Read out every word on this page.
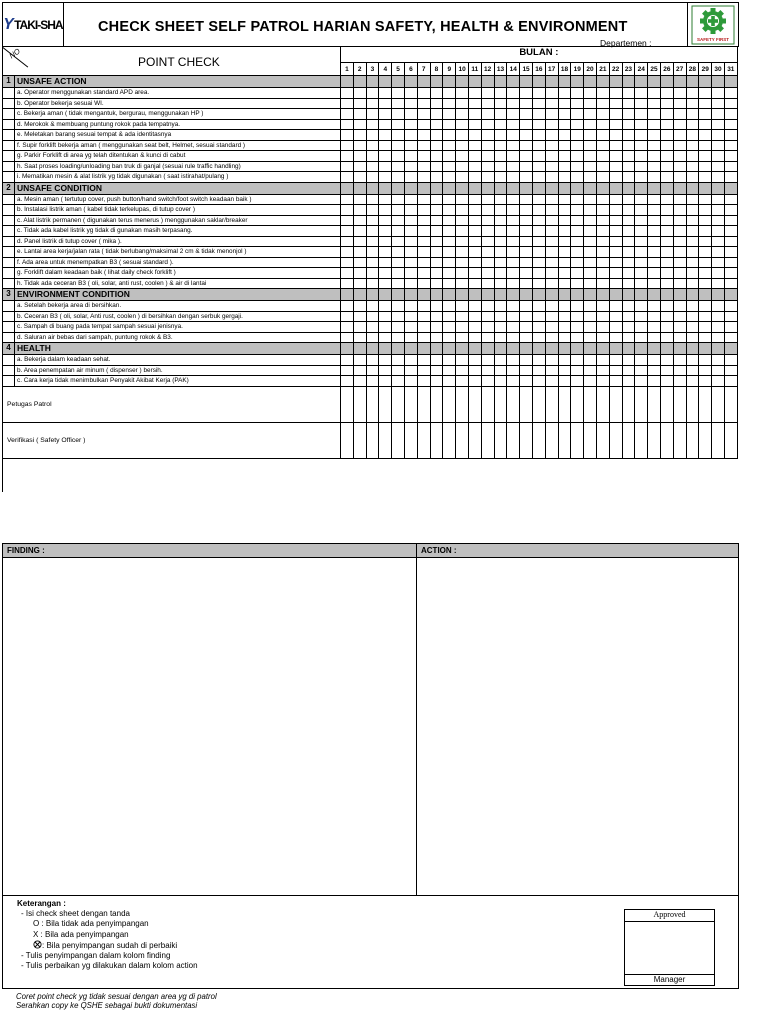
Y TAKI-SHA CHECK SHEET SELF PATROL HARIAN SAFETY, HEALTH & ENVIRONMENT
Departemen :	SAFETY FIRST
NO
POINT CHECK
BULAN :
1	2	3	4	5	6	7	8	9	10 11 12 13 14 15 16 17 18 19 20 21 22 23 24 25 26 27 28 29 30 31
1 UNSAFE ACTION
a. Operator menggunakan standard APD area.
b. Operator bekerja sesuai WI.
c. Bekerja aman ( tidak mengantuk, bergurau, menggunakan HP )
d. Merokok & membuang puntung rokok pada tempatnya.
e. Meletakan barang sesuai tempat & ada identitasnya
f. Supir forklift bekerja aman ( menggunakan seat belt, Helmet, sesuai standard )
g. Parkir Forklift di area yg telah ditentukan & kunci di cabut
h. Saat proses loading/unloading ban truk di ganjal (sesuai rule traffic handling)
i. Mematikan mesin & alat listrik yg tidak digunakan ( saat istirahat/pulang )
2 UNSAFE CONDITION
a. Mesin aman ( tertutup cover, push button/hand switch/foot switch keadaan baik )
b. Instalasi listrik aman ( kabel tidak terkelupas, di tutup cover )
c. Alat listrik permanen ( digunakan terus menerus ) menggunakan saklar/breaker
c. Tidak ada kabel listrik yg tidak di gunakan masih terpasang.
d. Panel listrik di tutup cover ( mika ).
e. Lantai area kerja/jalan rata ( tidak berlubang/maksimal 2 cm & tidak menonjol )
f. Ada area untuk menempatkan B3 ( sesuai standard ).
g. Forklift dalam keadaan baik ( lihat daily check forklift )
h. Tidak ada ceceran B3 ( oli, solar, anti rust, coolen ) & air di lantai
3 ENVIRONMENT CONDITION
a. Setelah bekerja area di bersihkan.
b. Ceceran B3 ( oli, solar, Anti rust, coolen ) di bersihkan dengan serbuk gergaji.
c. Sampah di buang pada tempat sampah sesuai jenisnya.
d. Saluran air bebas dari sampah, puntung rokok & B3.
4 HEALTH
a. Bekerja dalam keadaan sehat.
b. Area penempatan air minum ( dispenser ) bersih.
c. Cara kerja tidak menimbulkan Penyakit Akibat Kerja (PAK)
Petugas Patrol
Verifikasi ( Safety Officer )
FINDING :	ACTION :
Keterangan :
- Isi check sheet dengan tanda
O : Bila tidak ada penyimpangan
X : Bila ada penyimpangan
: Bila penyimpangan sudah di perbaiki
- Tulis penyimpangan dalam kolom finding
- Tulis perbaikan yg dilakukan dalam kolom action
Approved
Manager
Coret point check yg tidak sesuai dengan area yg di patrol
Serahkan copy ke QSHE sebagai bukti dokumentasi
